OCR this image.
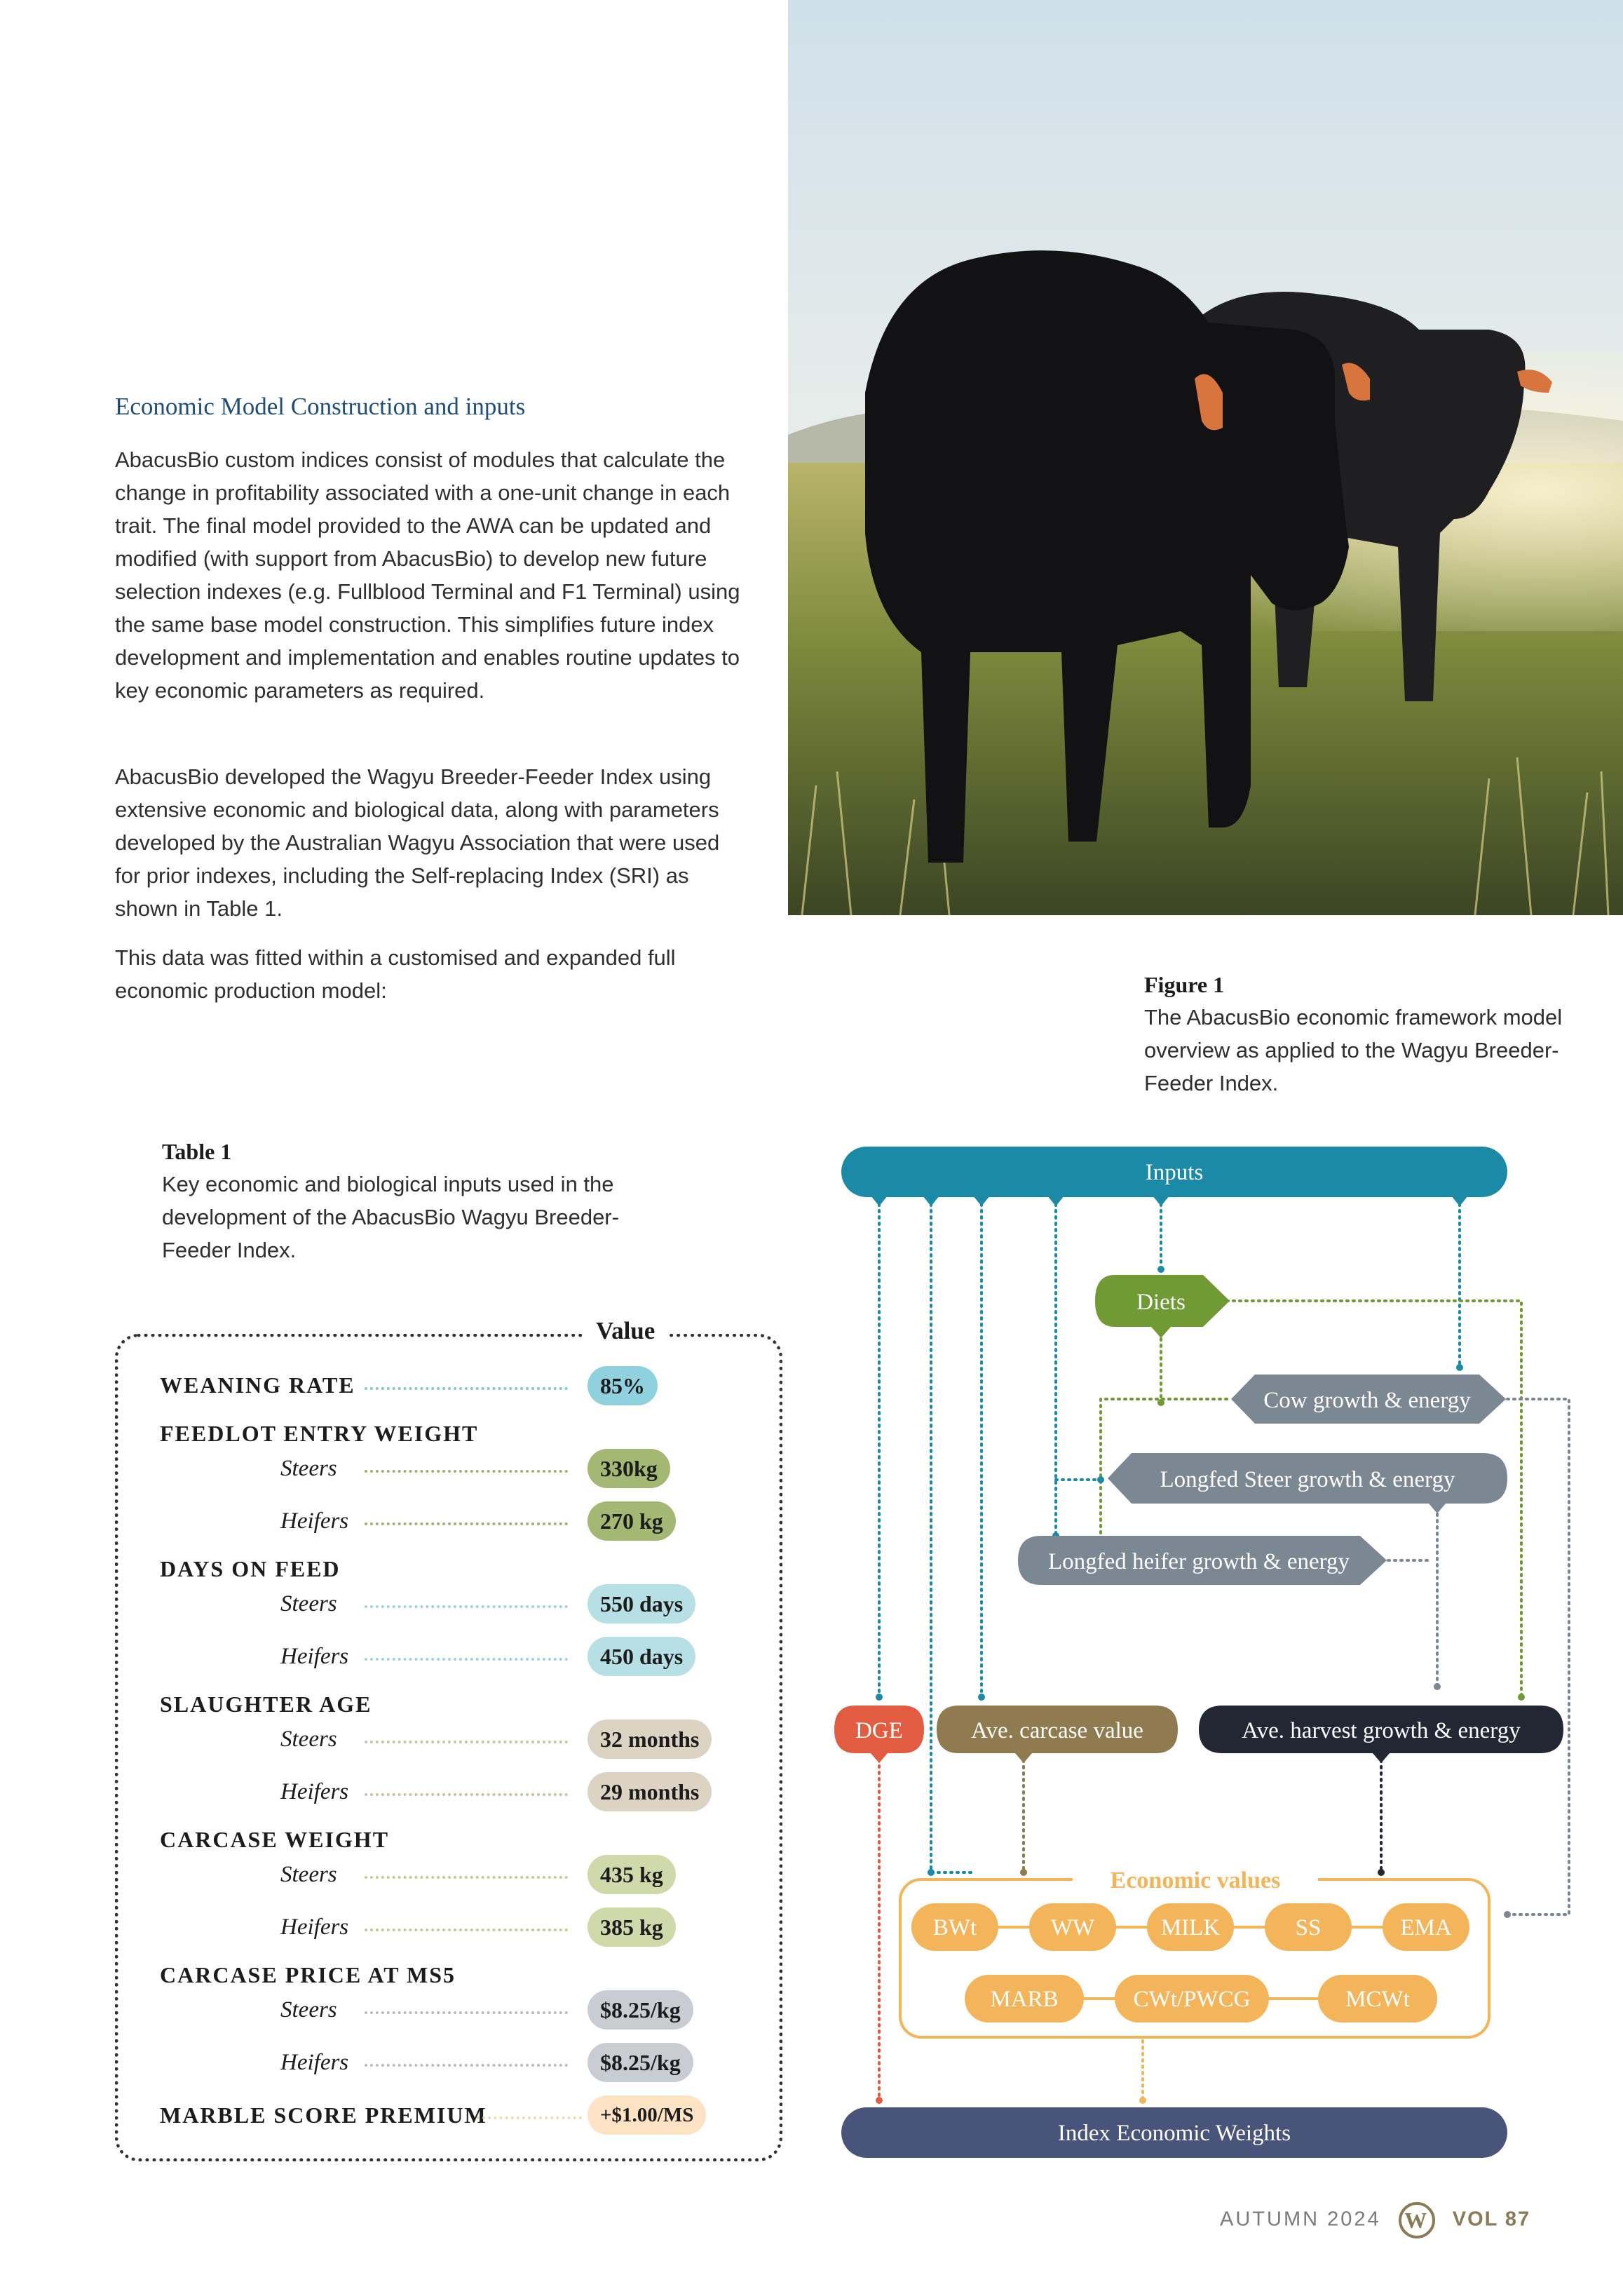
Economic Model Construction and inputs

AbacusBio custom indices consist of modules that calculate the change in profitability associated with a one-unit change in each trait. The final model provided to the AWA can be updated and modified (with support from AbacusBio) to develop new future selection indexes (e.g. Fullblood Terminal and F1 Terminal) using the same base model construction. This simplifies future index development and implementation and enables routine updates to key economic parameters as required.

AbacusBio developed the Wagyu Breeder-Feeder Index using extensive economic and biological data, along with parameters developed by the Australian Wagyu Association that were used for prior indexes, including the Self-replacing Index (SRI) as shown in Table 1.

This data was fitted within a customised and expanded full economic production model:	Figure 1
The AbacusBio economic framework model overview as applied to the Wagyu Breeder-Feeder Index.
Table 1
Key economic and biological inputs used in the development of the AbacusBio Wagyu Breeder-Feeder Index.
Value
WEANING RATE	85%
FEEDLOT ENTRY WEIGHT
Steers	330kg
Heifers	270 kg
DAYS ON FEED
Steers	550 days
Heifers	450 days
SLAUGHTER AGE
Steers	32 months
Heifers	29 months
CARCASE WEIGHT
Steers	435 kg
Heifers	385 kg
CARCASE PRICE AT MS5
Steers	$8.25/kg
Heifers	$8.25/kg
MARBLE SCORE PREMIUM	+$1.00/MS
Inputs
Diets
Cow growth & energy
Longfed Steer growth & energy
Longfed heifer growth & energy
DGE	Ave. carcase value	Ave. harvest growth & energy
Economic values
BWt	WW	MILK	SS	EMA
MARB	CWt/PWCG	MCWt
Index Economic Weights
AUTUMN 2024 W VOL 87
